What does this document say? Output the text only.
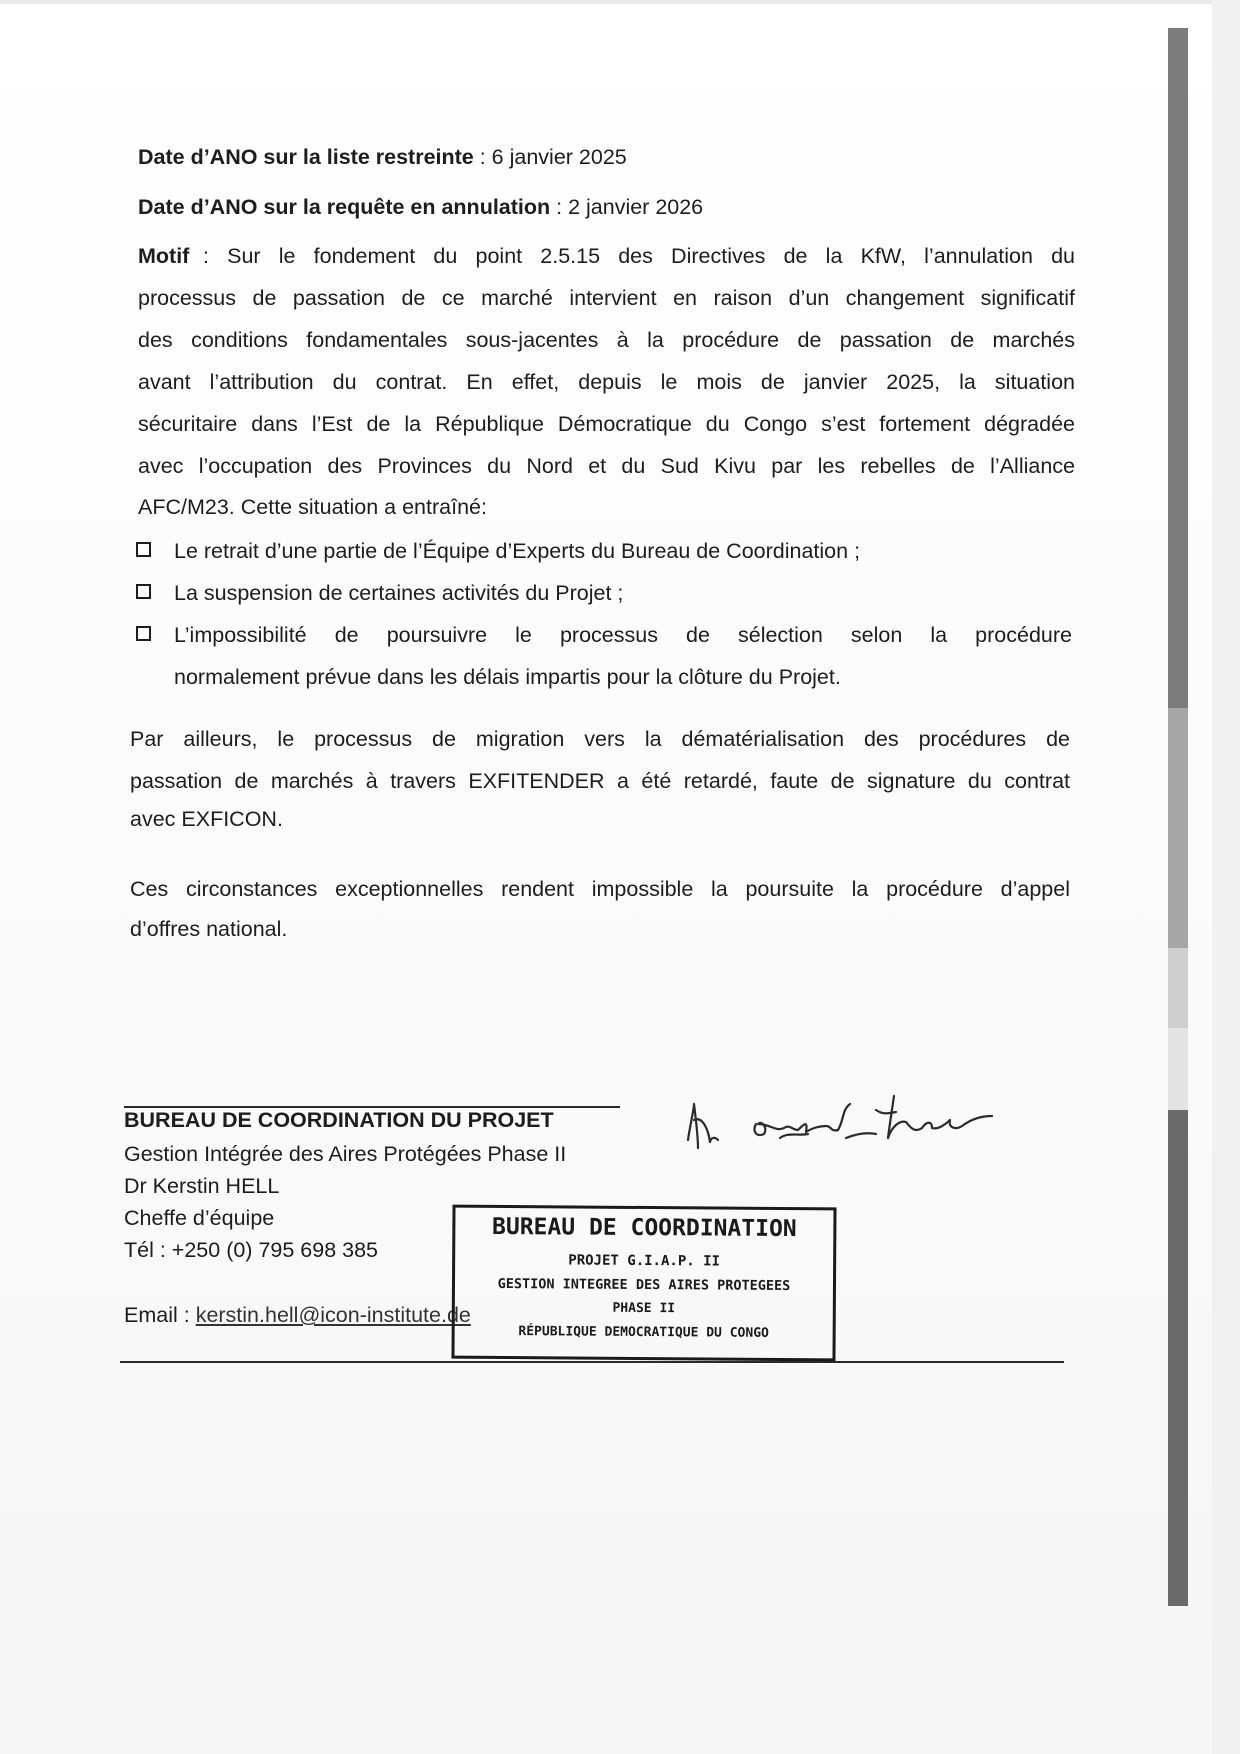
Date d’ANO sur la liste restreinte : 6 janvier 2025
Date d’ANO sur la requête en annulation : 2 janvier 2026
Motif : Sur le fondement du point 2.5.15 des Directives de la KfW, l’annulation du
processus de passation de ce marché intervient en raison d’un changement significatif
des conditions fondamentales sous-jacentes à la procédure de passation de marchés
avant l’attribution du contrat. En effet, depuis le mois de janvier 2025, la situation
sécuritaire dans l’Est de la République Démocratique du Congo s’est fortement dégradée
avec l’occupation des Provinces du Nord et du Sud Kivu par les rebelles de l’Alliance
AFC/M23. Cette situation a entraîné:
Le retrait d’une partie de l’Équipe d’Experts du Bureau de Coordination ;
La suspension de certaines activités du Projet ;
L’impossibilité de poursuivre le processus de sélection selon la procédure
normalement prévue dans les délais impartis pour la clôture du Projet.
Par ailleurs, le processus de migration vers la dématérialisation des procédures de
passation de marchés à travers EXFITENDER a été retardé, faute de signature du contrat
avec EXFICON.
Ces circonstances exceptionnelles rendent impossible la poursuite la procédure d’appel
d’offres national.
BUREAU DE COORDINATION DU PROJET
Gestion Intégrée des Aires Protégées Phase II
Dr Kerstin HELL
Cheffe d’équipe
Tél : +250 (0) 795 698 385
Email : kerstin.hell@icon-institute.de
BUREAU DE COORDINATION
PROJET G.I.A.P. II
GESTION INTEGREE DES AIRES PROTEGEES
PHASE II
RÉPUBLIQUE DEMOCRATIQUE DU CONGO
